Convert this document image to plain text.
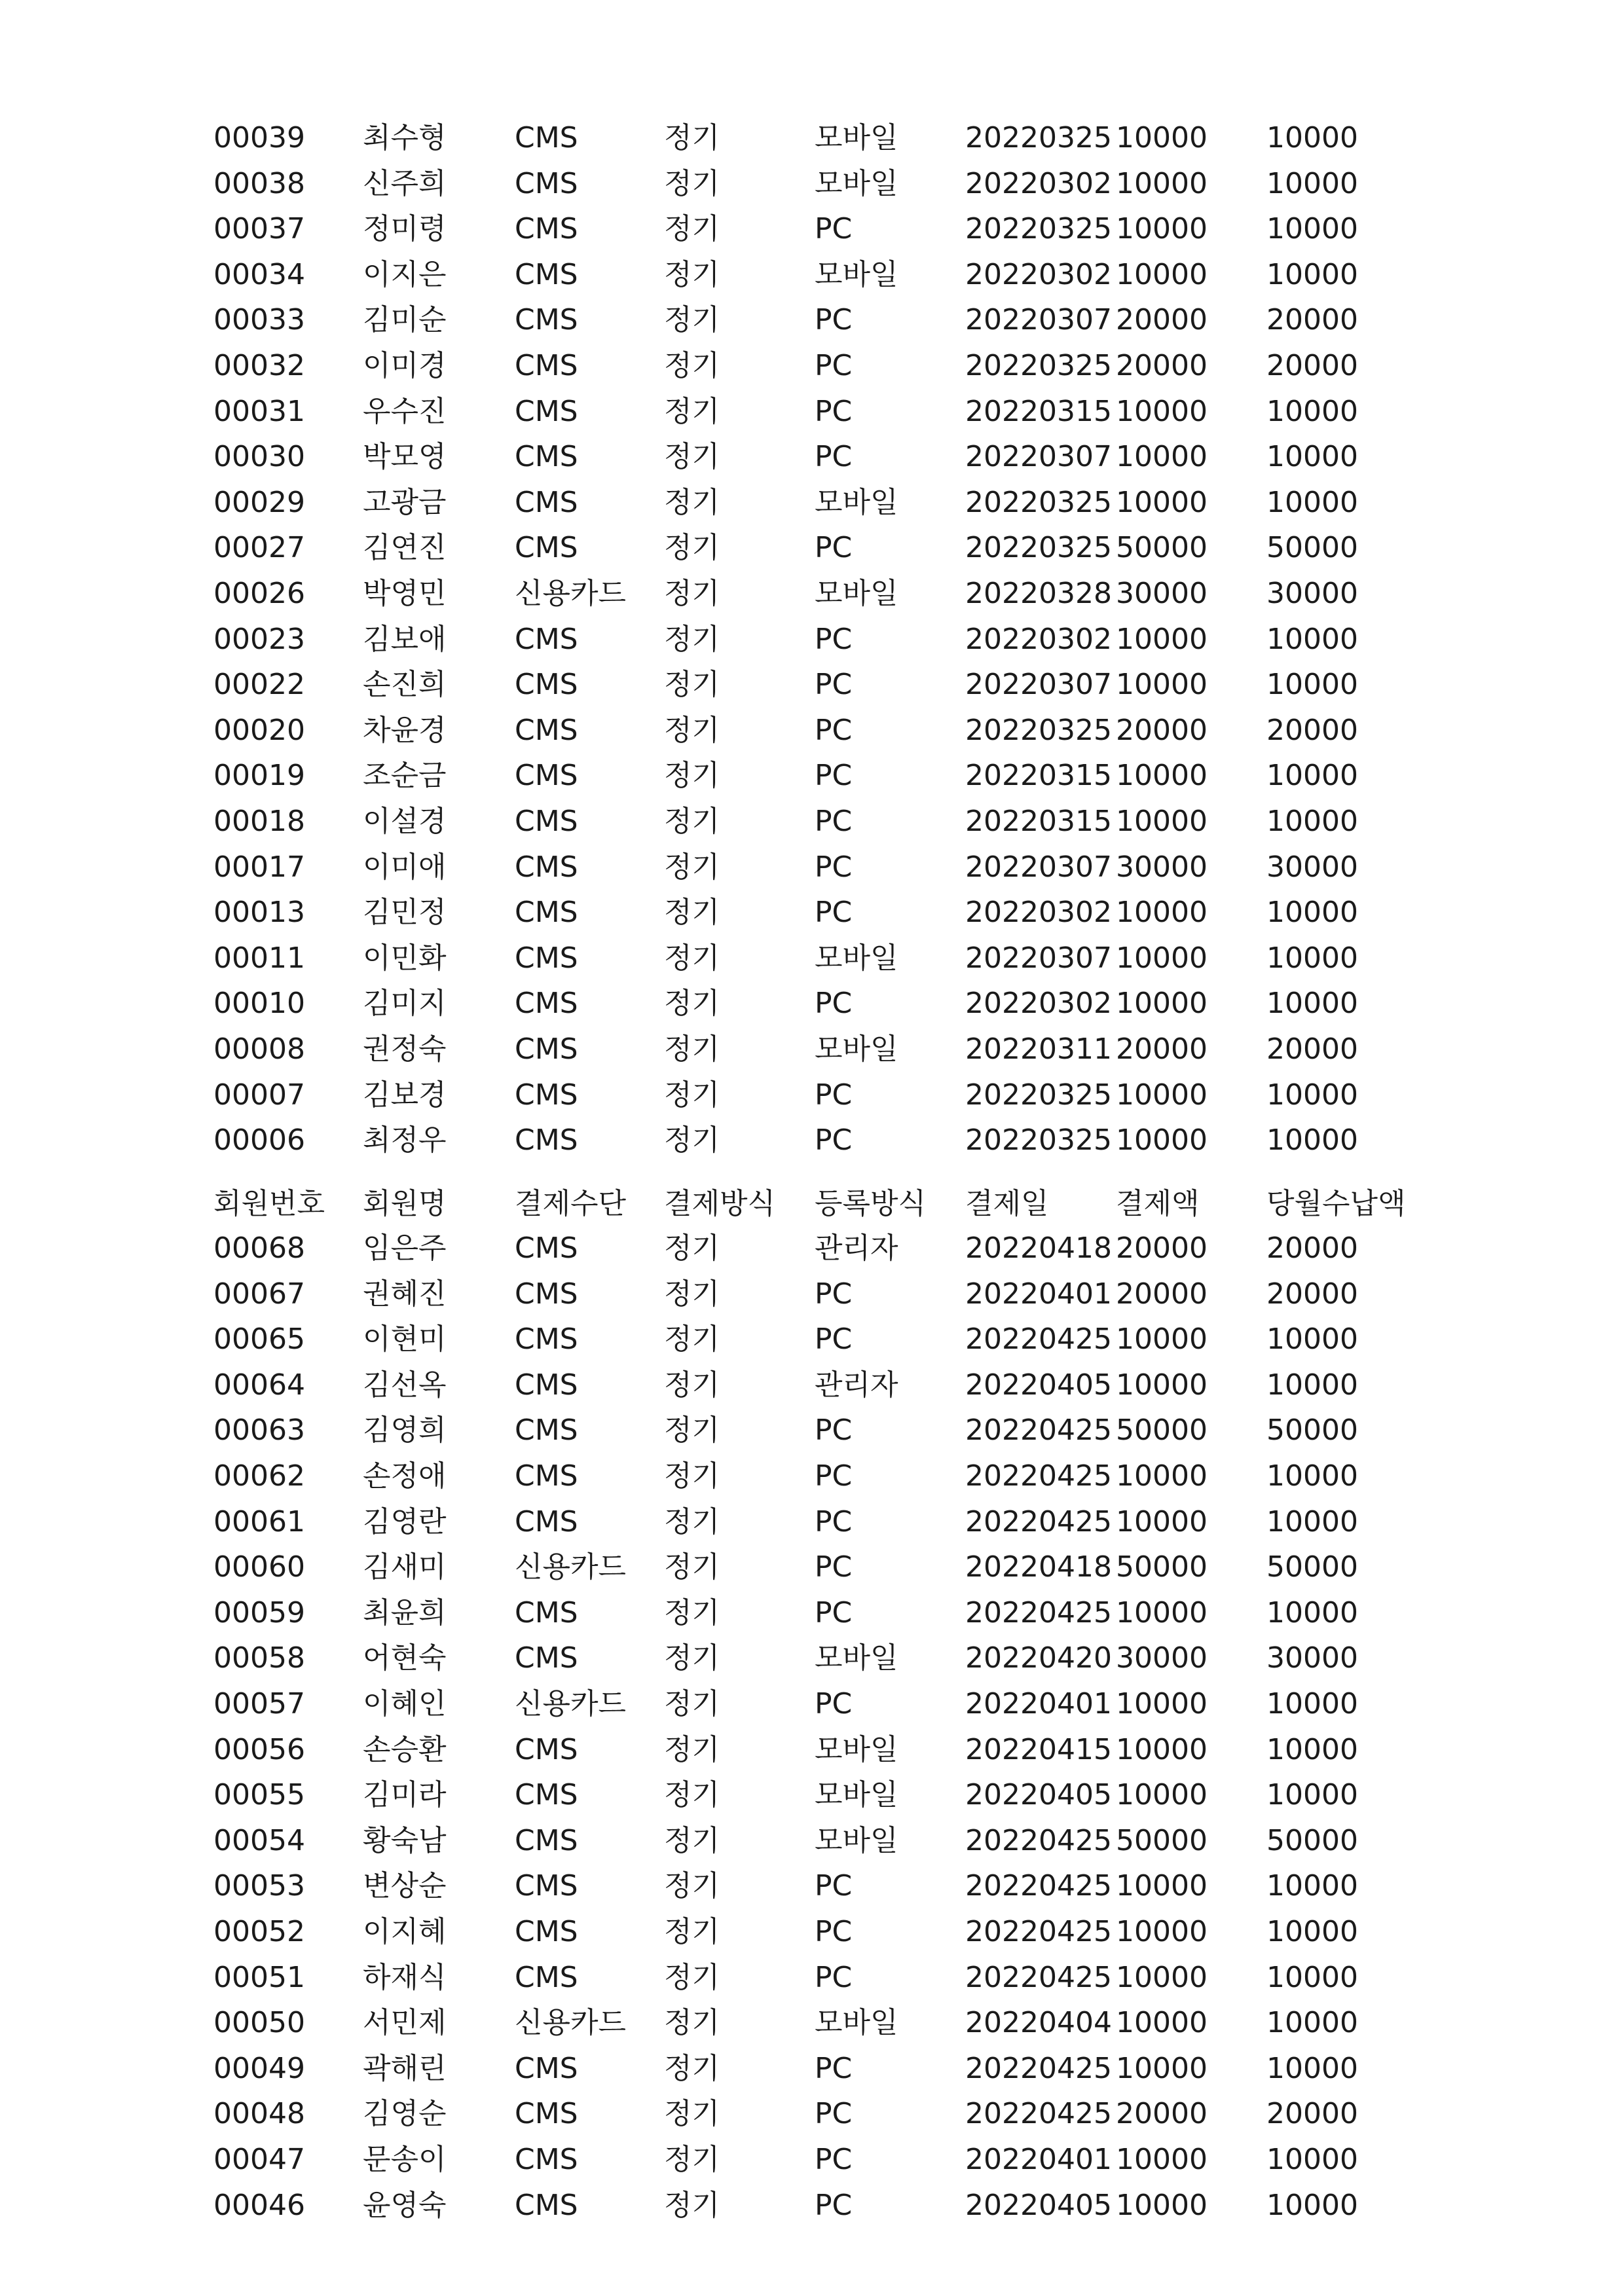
00039	최수형	CMS	정기	모바일	20220325 10000	10000
00038	신주희	CMS	정기	모바일	20220302 10000	10000
00037	정미령	CMS	정기	PC	20220325 10000	10000
00034	이지은	CMS	정기	모바일	20220302 10000	10000
00033	김미순	CMS	정기	PC	20220307 20000	20000
00032	이미경	CMS	정기	PC	20220325 20000	20000
00031	우수진	CMS	정기	PC	20220315 10000	10000
00030	박모영	CMS	정기	PC	20220307 10000	10000
00029	고광금	CMS	정기	모바일	20220325 10000	10000
00027	김연진	CMS	정기	PC	20220325 50000	50000
00026	박영민	신용카드	정기	모바일	20220328 30000	30000
00023	김보애	CMS	정기	PC	20220302 10000	10000
00022	손진희	CMS	정기	PC	20220307 10000	10000
00020	차윤경	CMS	정기	PC	20220325 20000	20000
00019	조순금	CMS	정기	PC	20220315 10000	10000
00018	이설경	CMS	정기	PC	20220315 10000	10000
00017	이미애	CMS	정기	PC	20220307 30000	30000
00013	김민정	CMS	정기	PC	20220302 10000	10000
00011	이민화	CMS	정기	모바일	20220307 10000	10000
00010	김미지	CMS	정기	PC	20220302 10000	10000
00008	권정숙	CMS	정기	모바일	20220311 20000	20000
00007	김보경	CMS	정기	PC	20220325 10000	10000
00006	최정우	CMS	정기	PC	20220325 10000	10000
회원번호	회원명	결제수단	결제방식	등록방식	결제일	결제액	당월수납액
00068	임은주	CMS	정기	관리자	20220418 20000	20000
00067	권혜진	CMS	정기	PC	20220401 20000	20000
00065	이현미	CMS	정기	PC	20220425 10000	10000
00064	김선옥	CMS	정기	관리자	20220405 10000	10000
00063	김영희	CMS	정기	PC	20220425 50000	50000
00062	손정애	CMS	정기	PC	20220425 10000	10000
00061	김영란	CMS	정기	PC	20220425 10000	10000
00060	김새미	신용카드	정기	PC	20220418 50000	50000
00059	최윤희	CMS	정기	PC	20220425 10000	10000
00058	어현숙	CMS	정기	모바일	20220420 30000	30000
00057	이혜인	신용카드	정기	PC	20220401 10000	10000
00056	손승환	CMS	정기	모바일	20220415 10000	10000
00055	김미라	CMS	정기	모바일	20220405 10000	10000
00054	황숙남	CMS	정기	모바일	20220425 50000	50000
00053	변상순	CMS	정기	PC	20220425 10000	10000
00052	이지혜	CMS	정기	PC	20220425 10000	10000
00051	하재식	CMS	정기	PC	20220425 10000	10000
00050	서민제	신용카드	정기	모바일	20220404 10000	10000
00049	곽해린	CMS	정기	PC	20220425 10000	10000
00048	김영순	CMS	정기	PC	20220425 20000	20000
00047	문송이	CMS	정기	PC	20220401 10000	10000
00046	윤영숙	CMS	정기	PC	20220405 10000	10000
